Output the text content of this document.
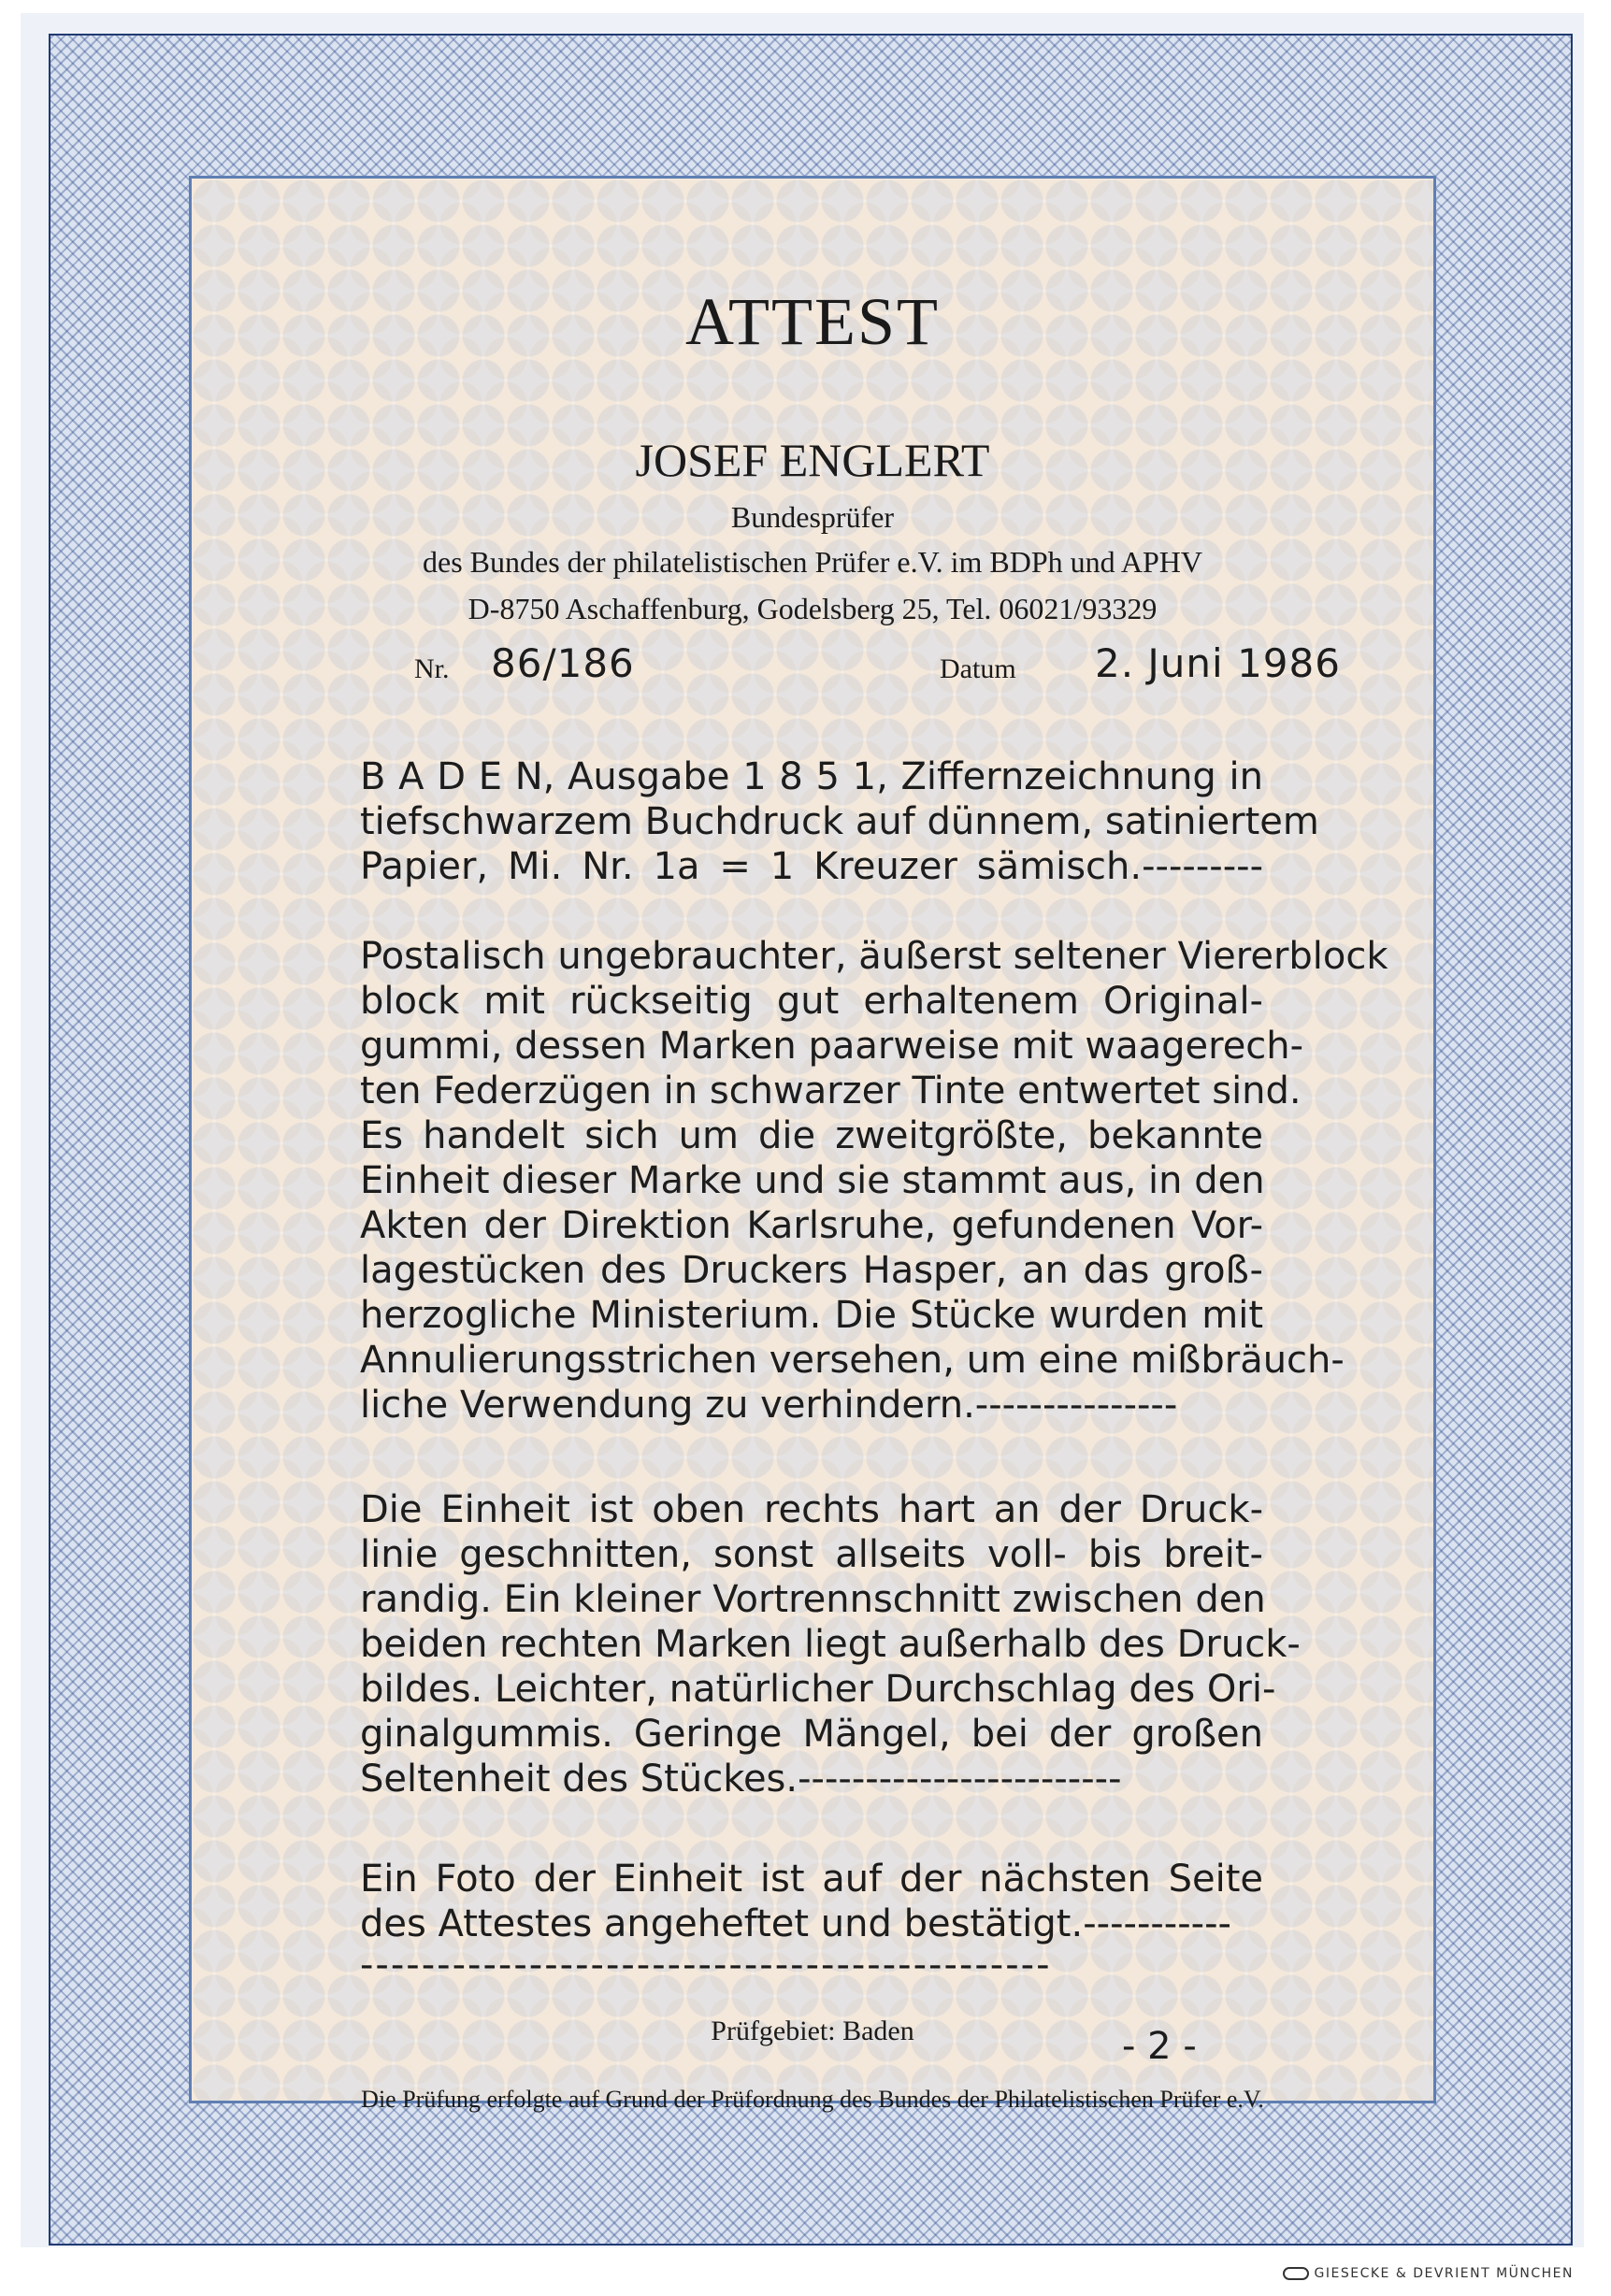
ATTEST
JOSEF ENGLERT
Bundesprüfer
des Bundes der philatelistischen Prüfer e.V. im BDPh und APHV
D-8750 Aschaffenburg, Godelsberg 25, Tel. 06021/93329
Nr. 86/186	Datum 2. Juni 1986
B A D E N, Ausgabe 1 8 5 1, Ziffernzeichnung in
tiefschwarzem Buchdruck auf dünnem, satiniertem
Papier, Mi. Nr. 1a = 1 Kreuzer sämisch.---------
Postalisch ungebrauchter, äußerst seltener Viererblock
block mit rückseitig gut erhaltenem Original-
gummi, dessen Marken paarweise mit waagerech-
ten Federzügen in schwarzer Tinte entwertet sind.
Es handelt sich um die zweitgrößte, bekannte
Einheit dieser Marke und sie stammt aus, in den
Akten der Direktion Karlsruhe, gefundenen Vor-
lagestücken des Druckers Hasper, an das groß-
herzogliche Ministerium. Die Stücke wurden mit
Annulierungsstrichen versehen, um eine mißbräuch-
liche Verwendung zu verhindern.---------------
Die Einheit ist oben rechts hart an der Druck-
linie geschnitten, sonst allseits voll- bis breit-
randig. Ein kleiner Vortrennschnitt zwischen den
beiden rechten Marken liegt außerhalb des Druck-
bildes. Leichter, natürlicher Durchschlag des Ori-
ginalgummis. Geringe Mängel, bei der großen
Seltenheit des Stückes.------------------------
Ein Foto der Einheit ist auf der nächsten Seite
des Attestes angeheftet und bestätigt.-----------
---------------------------------------------
Prüfgebiet: Baden	- 2 -
Die Prüfung erfolgte auf Grund der Prüfordnung des Bundes der Philatelistischen Prüfer e.V.
GIESECKE & DEVRIENT MÜNCHEN
